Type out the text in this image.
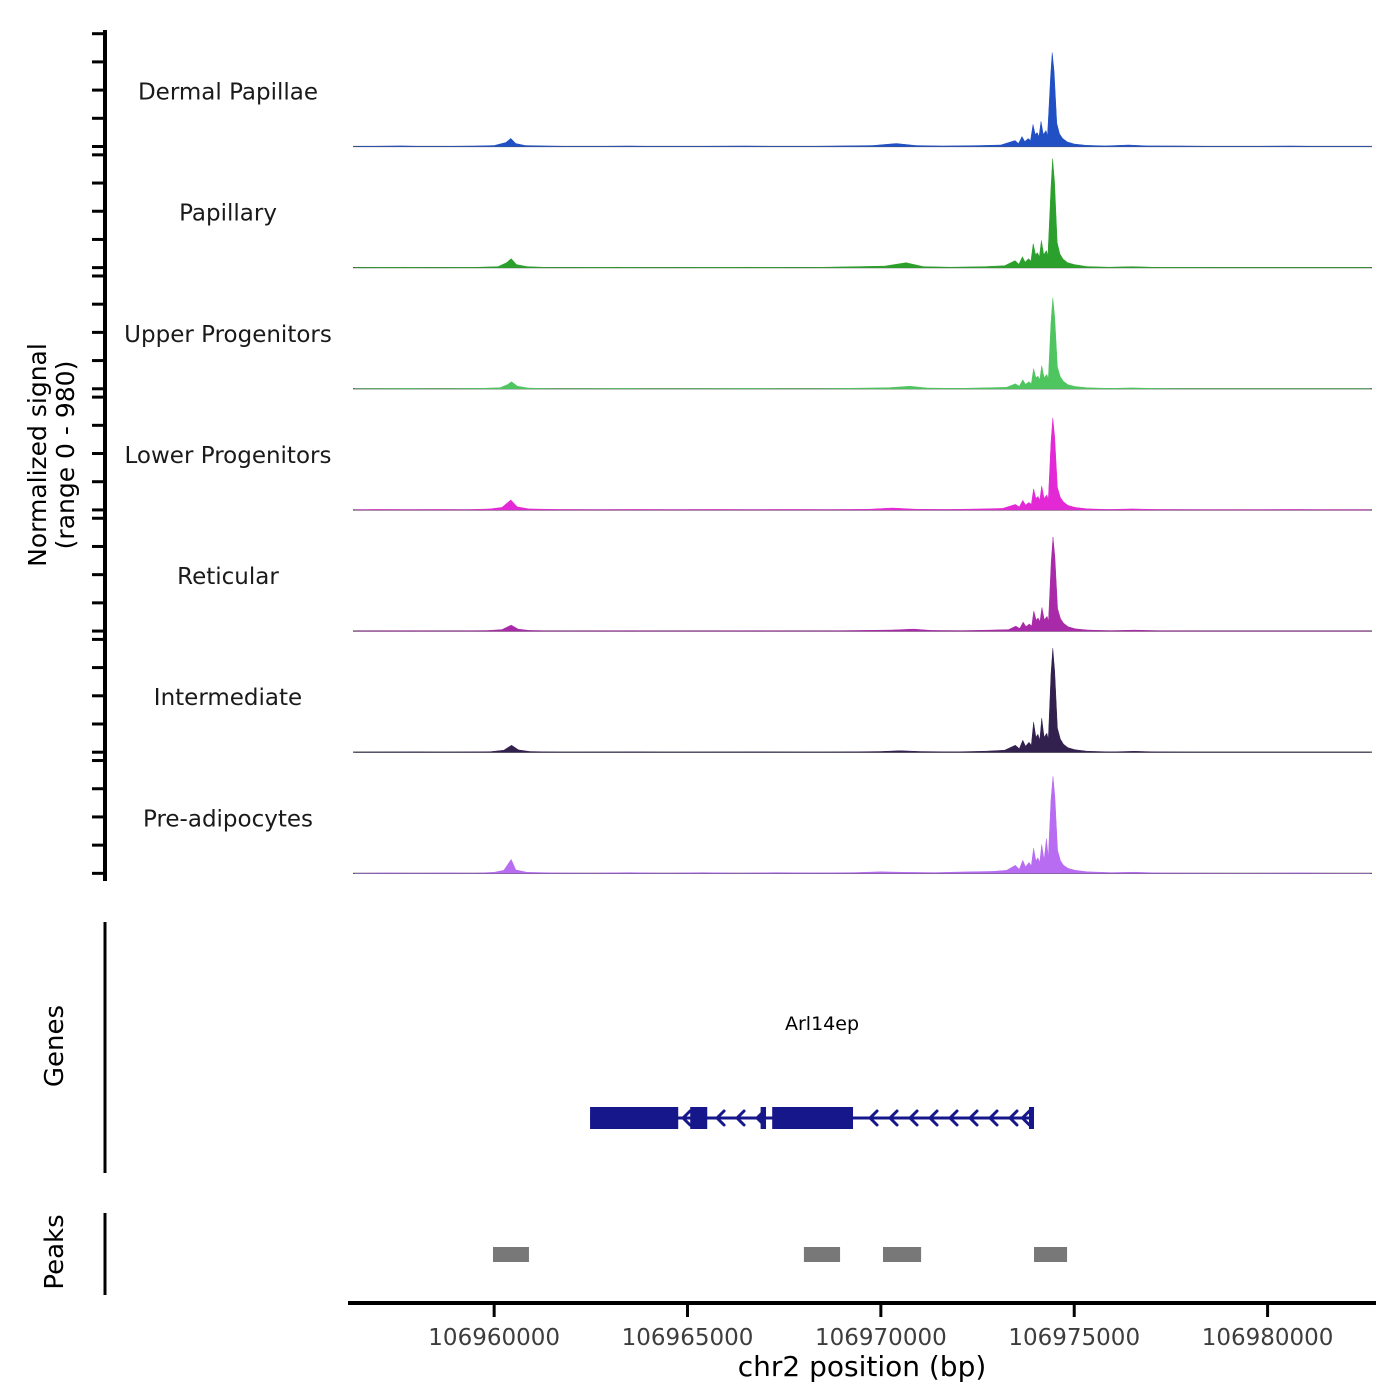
Dermal Papillae
Papillary
Upper Progenitors
Lower Progenitors
Reticular
Intermediate
Pre-adipocytes
Arl14ep
106960000	106965000	106970000	106975000	106980000
Normalized signal (range 0 - 980)
Genes
Peaks
chr2 position (bp)
